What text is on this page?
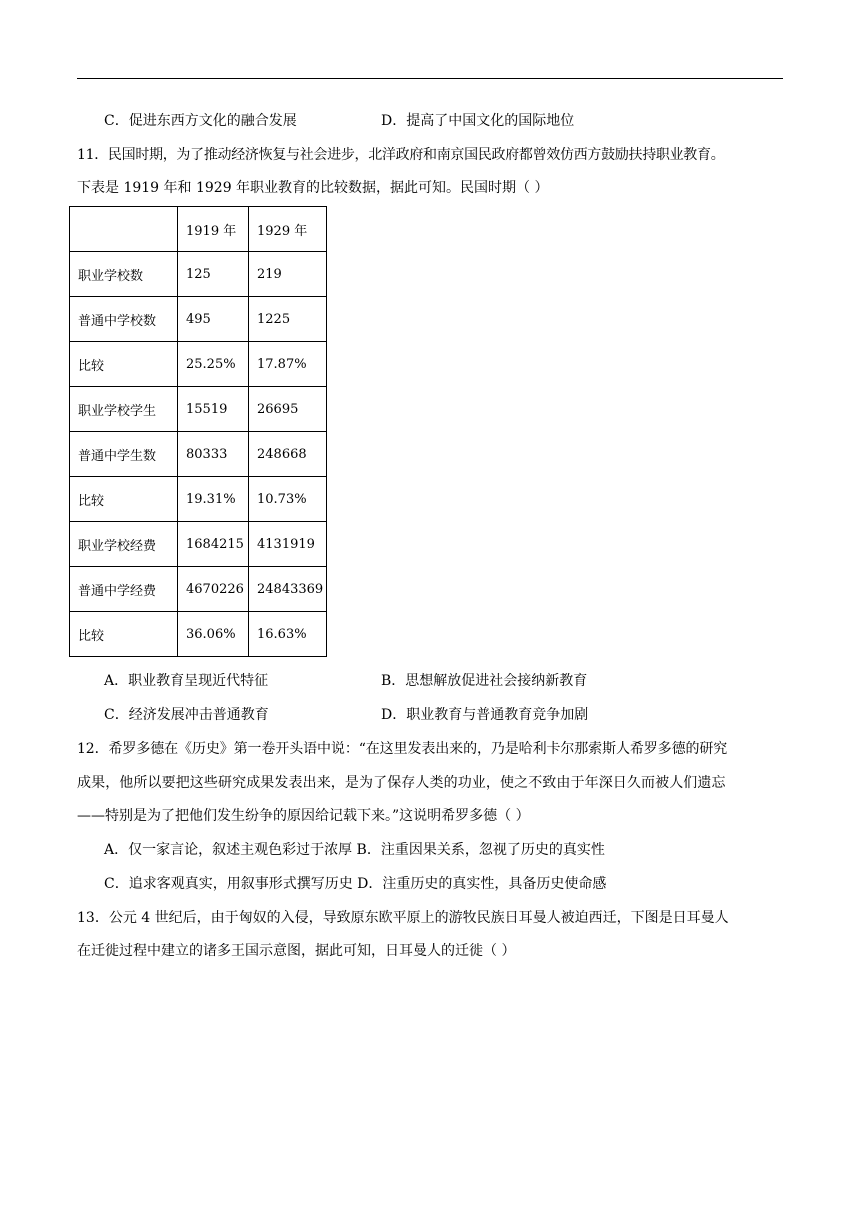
C．促进东西方文化的融合发展	D．提高了中国文化的国际地位
11．民国时期，为了推动经济恢复与社会进步，北洋政府和南京国民政府都曾效仿西方鼓励扶持职业教育。
下表是 1919 年和 1929 年职业教育的比较数据，据此可知。民国时期（ ）
	1919 年	1929 年
职业学校数	125	219
普通中学校数	495	1225
比较	25.25%	17.87%
职业学校学生	15519	26695
普通中学生数	80333	248668
比较	19.31%	10.73%
职业学校经费	1684215	4131919
普通中学经费	4670226	24843369
比较	36.06%	16.63%
A．职业教育呈现近代特征	B．思想解放促进社会接纳新教育
C．经济发展冲击普通教育	D．职业教育与普通教育竞争加剧
12．希罗多德在《历史》第一卷开头语中说：“在这里发表出来的，乃是哈利卡尔那索斯人希罗多德的研究
成果，他所以要把这些研究成果发表出来，是为了保存人类的功业，使之不致由于年深日久而被人们遗忘
——特别是为了把他们发生纷争的原因给记载下来。”这说明希罗多德（ ）
A．仅一家言论，叙述主观色彩过于浓厚 B．注重因果关系，忽视了历史的真实性
C．追求客观真实，用叙事形式撰写历史 D．注重历史的真实性，具备历史使命感
13．公元 4 世纪后，由于匈奴的入侵，导致原东欧平原上的游牧民族日耳曼人被迫西迁，下图是日耳曼人
在迁徙过程中建立的诸多王国示意图，据此可知，日耳曼人的迁徙（ ）
